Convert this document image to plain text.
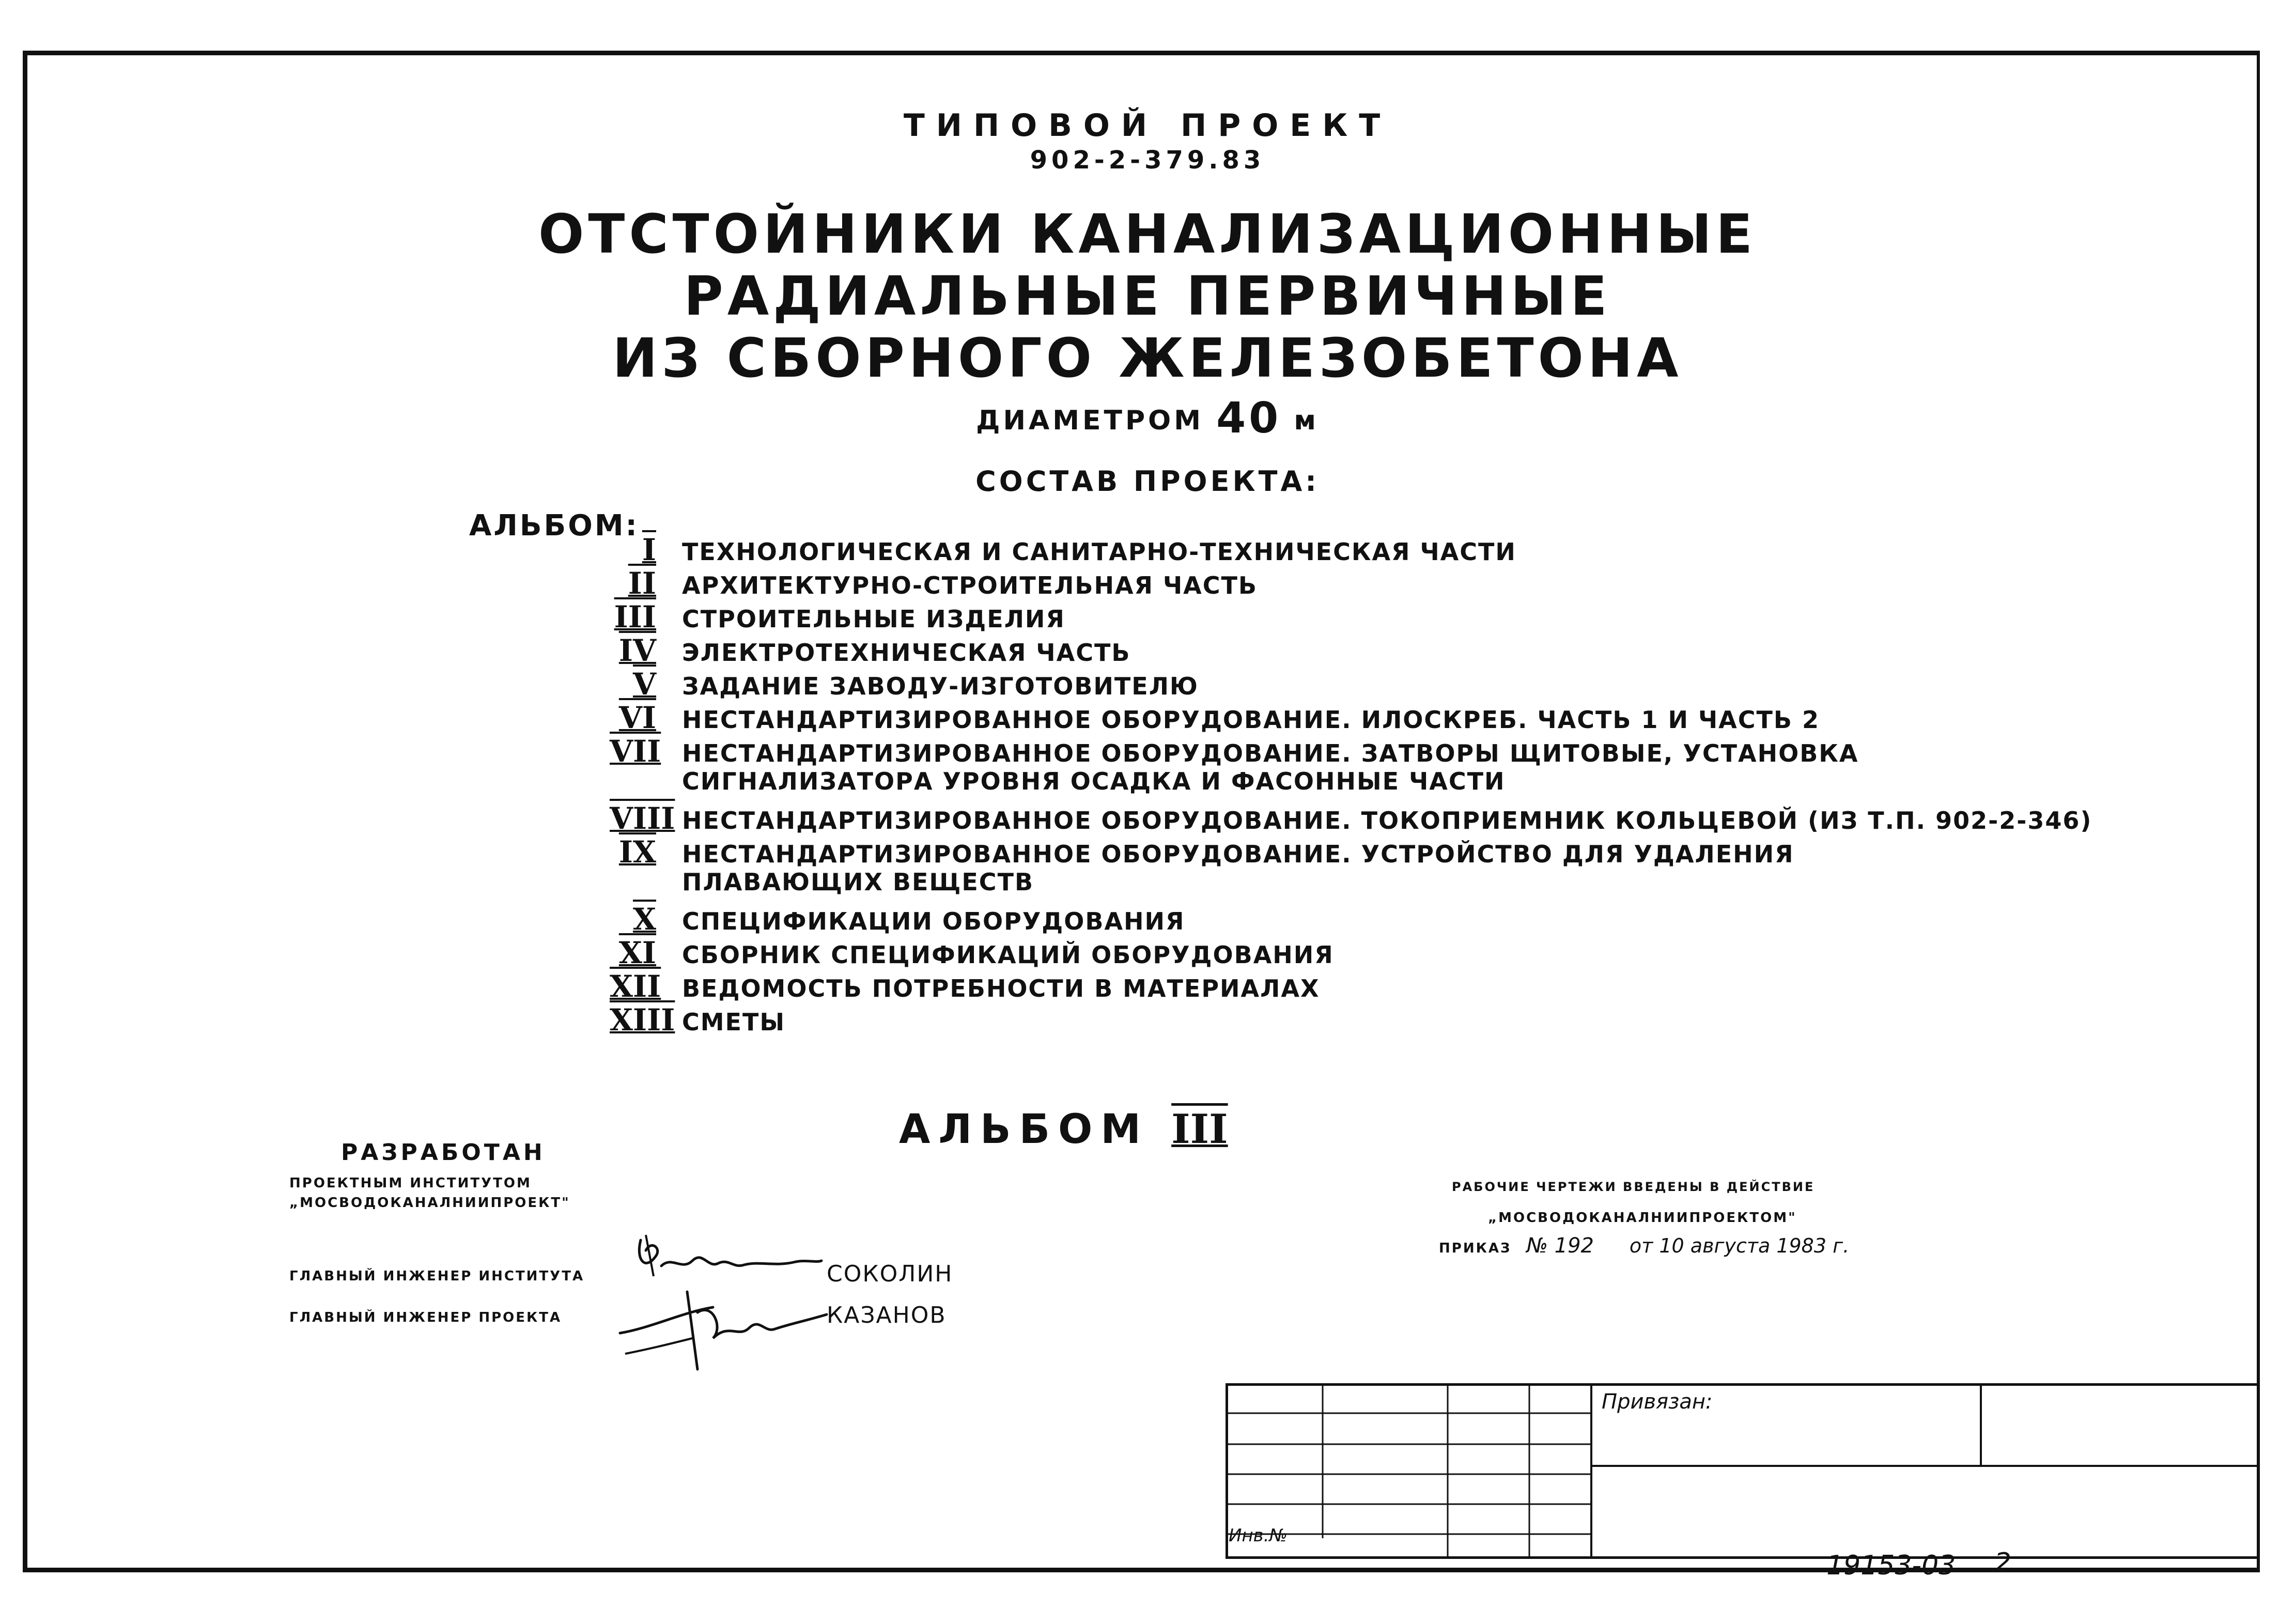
ТИПОВОЙ ПРОЕКТ
902-2-379.83
ОТСТОЙНИКИ КАНАЛИЗАЦИОННЫЕ
РАДИАЛЬНЫЕ ПЕРВИЧНЫЕ
ИЗ СБОРНОГО ЖЕЛЕЗОБЕТОНА
ДИАМЕТРОМ 40 м
СОСТАВ ПРОЕКТА:
АЛЬБОМ:
I	ТЕХНОЛОГИЧЕСКАЯ И САНИТАРНО-ТЕХНИЧЕСКАЯ ЧАСТИ
II	АРХИТЕКТУРНО-СТРОИТЕЛЬНАЯ ЧАСТЬ
III	СТРОИТЕЛЬНЫЕ ИЗДЕЛИЯ
IV	ЭЛЕКТРОТЕХНИЧЕСКАЯ ЧАСТЬ
V	ЗАДАНИЕ ЗАВОДУ-ИЗГОТОВИТЕЛЮ
VI	НЕСТАНДАРТИЗИРОВАННОЕ ОБОРУДОВАНИЕ. ИЛОСКРЕБ. ЧАСТЬ 1 И ЧАСТЬ 2
VII НЕСТАНДАРТИЗИРОВАННОЕ ОБОРУДОВАНИЕ. ЗАТВОРЫ ЩИТОВЫЕ, УСТАНОВКА
СИГНАЛИЗАТОРА УРОВНЯ ОСАДКА И ФАСОННЫЕ ЧАСТИ
VIII НЕСТАНДАРТИЗИРОВАННОЕ ОБОРУДОВАНИЕ. ТОКОПРИЕМНИК КОЛЬЦЕВОЙ (ИЗ Т.П. 902-2-346)
IX	НЕСТАНДАРТИЗИРОВАННОЕ ОБОРУДОВАНИЕ. УСТРОЙСТВО ДЛЯ УДАЛЕНИЯ
ПЛАВАЮЩИХ ВЕЩЕСТВ
X	СПЕЦИФИКАЦИИ ОБОРУДОВАНИЯ
XI	СБОРНИК СПЕЦИФИКАЦИЙ ОБОРУДОВАНИЯ
XII ВЕДОМОСТЬ ПОТРЕБНОСТИ В МАТЕРИАЛАХ
XIII СМЕТЫ
АЛЬБОМ III
РАЗРАБОТАН
ПРОЕКТНЫМ ИНСТИТУТОМ
„МОСВОДОКАНАЛНИИПРОЕКТ"
ГЛАВНЫЙ ИНЖЕНЕР ИНСТИТУТА	СОКОЛИН
ГЛАВНЫЙ ИНЖЕНЕР ПРОЕКТА	КАЗАНОВ
РАБОЧИЕ ЧЕРТЕЖИ ВВЕДЕНЫ В ДЕЙСТВИЕ
„МОСВОДОКАНАЛНИИПРОЕКТОМ"
ПРИКАЗ № 192 от 10 августа 1983 г.
Привязан:
Инв.№
19153-03 2
